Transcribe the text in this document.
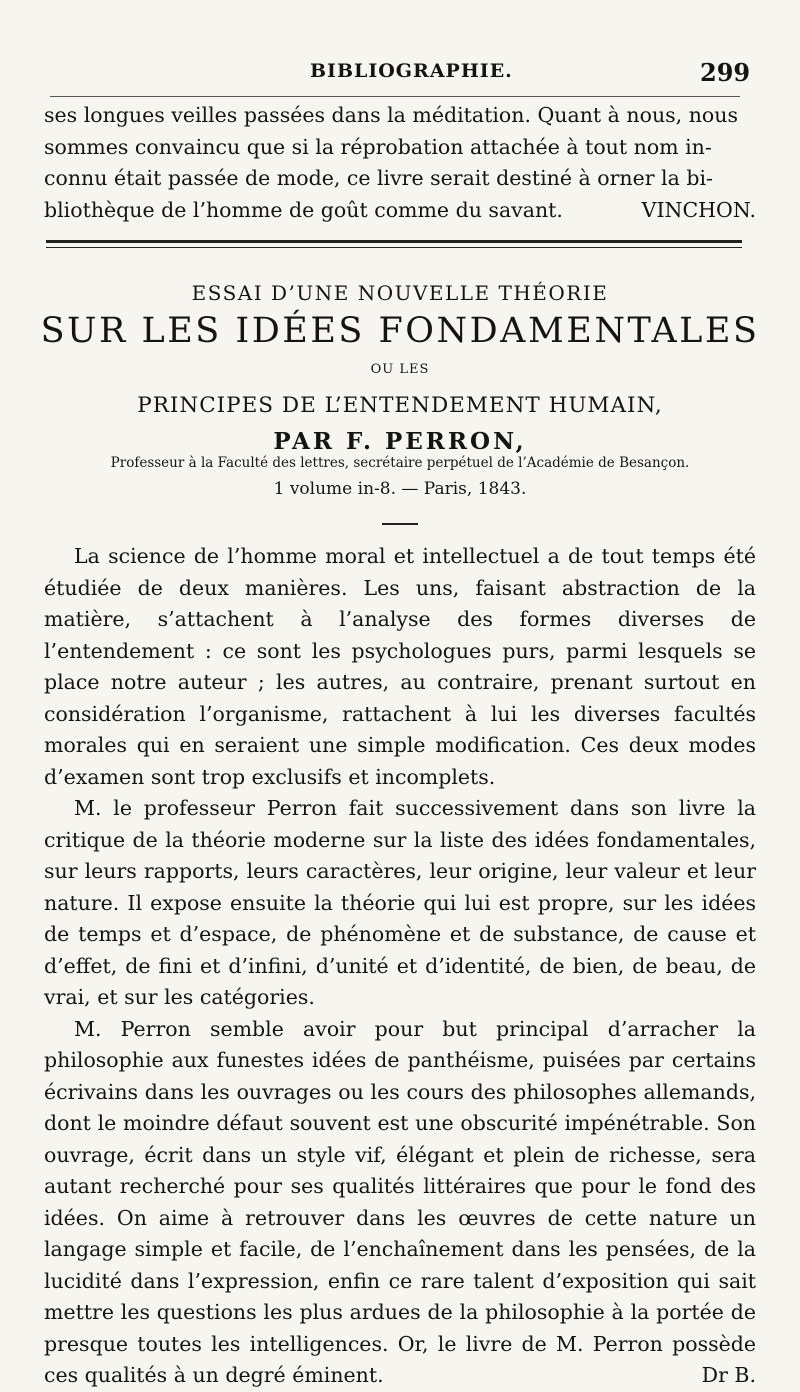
BIBLIOGRAPHIE.	299

ses longues veilles passées dans la méditation. Quant à nous, nous

sommes convaincu que si la réprobation attachée à tout nom in-

connu était passée de mode, ce livre serait destiné à orner la bi-

bliothèque de l’homme de goût comme du savant.	VINCHON.
ESSAI D’UNE NOUVELLE THÉORIE
SUR LES IDÉES FONDAMENTALES
OU LES
PRINCIPES DE L’ENTENDEMENT HUMAIN,
PAR F. PERRON,
Professeur à la Faculté des lettres, secrétaire perpétuel de l’Académie de Besançon.
1 volume in-8. — Paris, 1843.

La science de l’homme moral et intellectuel a de tout temps été étudiée de deux manières. Les uns, faisant abstraction de la matière, s’attachent à l’analyse des formes diverses de l’entendement : ce sont les psychologues purs, parmi lesquels se place notre auteur ; les autres, au contraire, prenant surtout en considération l’organisme, rattachent à lui les diverses facultés morales qui en seraient une simple modification. Ces deux modes d’examen sont trop exclusifs et incomplets.

M. le professeur Perron fait successivement dans son livre la critique de la théorie moderne sur la liste des idées fondamentales, sur leurs rapports, leurs caractères, leur origine, leur valeur et leur nature. Il expose ensuite la théorie qui lui est propre, sur les idées de temps et d’espace, de phénomène et de substance, de cause et d’effet, de fini et d’infini, d’unité et d’identité, de bien, de beau, de vrai, et sur les catégories.

M. Perron semble avoir pour but principal d’arracher la philosophie aux funestes idées de panthéisme, puisées par certains écrivains dans les ouvrages ou les cours des philosophes allemands, dont le moindre défaut souvent est une obscurité impénétrable. Son ouvrage, écrit dans un style vif, élégant et plein de richesse, sera autant recherché pour ses qualités littéraires que pour le fond des idées. On aime à retrouver dans les œuvres de cette nature un langage simple et facile, de l’enchaînement dans les pensées, de la lucidité dans l’expression, enfin ce rare talent d’exposition qui sait mettre les questions les plus ardues de la philosophie à la portée de presque toutes les intelligences. Or, le livre de M. Perron possède ces qualités à un degré éminent.	Dr B.
